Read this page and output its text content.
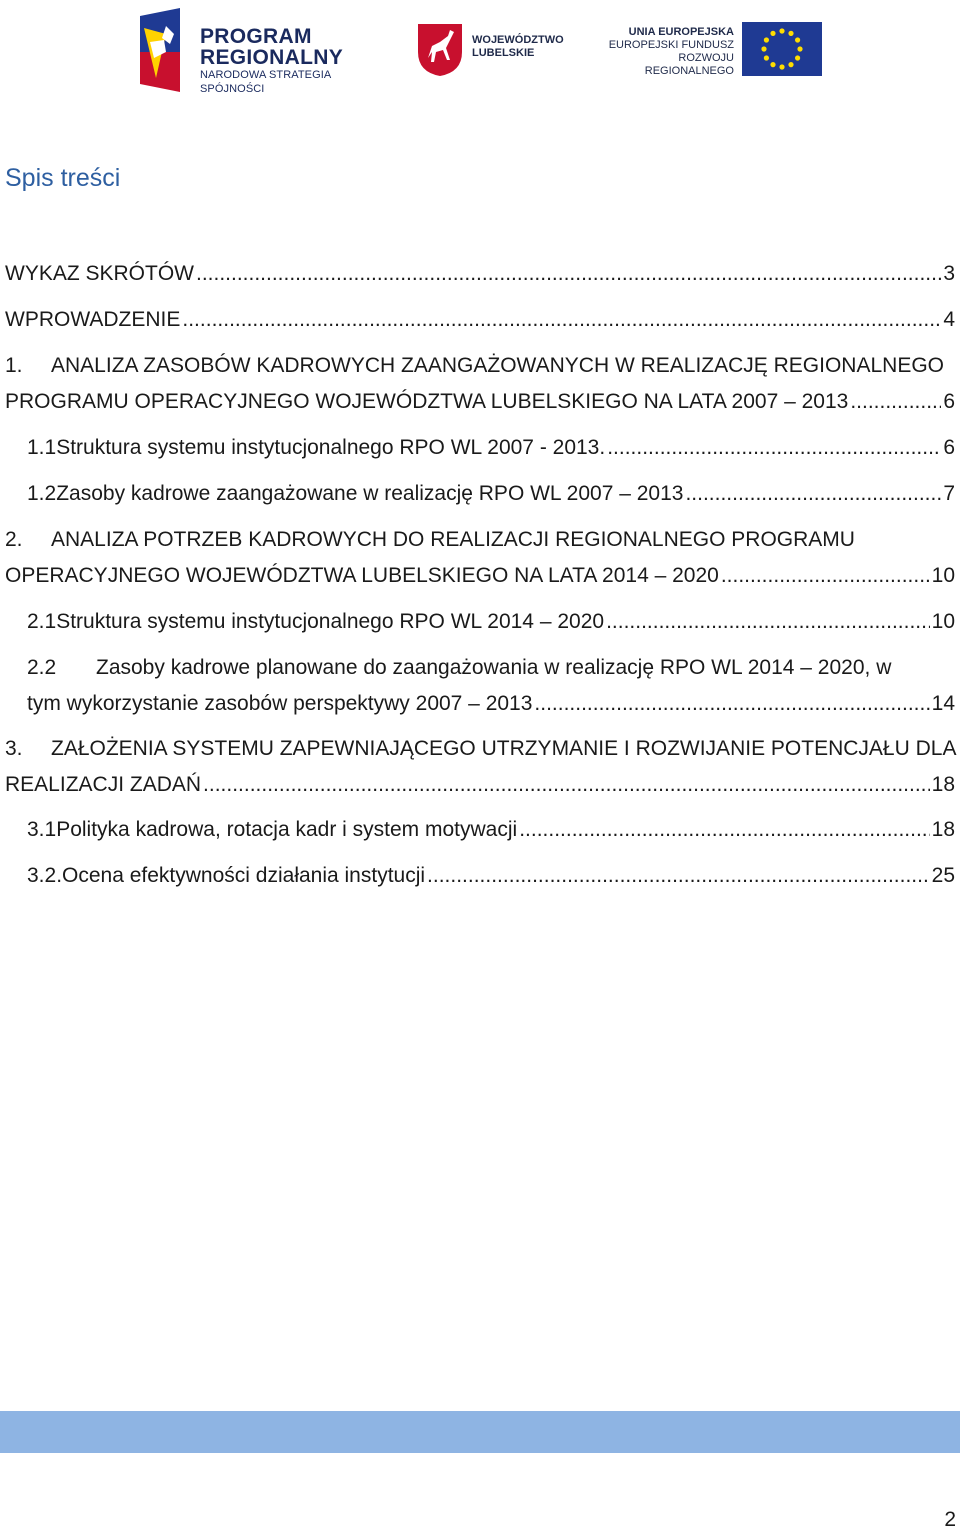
PROGRAM
REGIONALNY
NARODOWA STRATEGIA SPÓJNOŚCI
WOJEWÓDZTWO
LUBELSKIE
UNIA EUROPEJSKA
EUROPEJSKI FUNDUSZ
ROZWOJU REGIONALNEGO
Spis treści
WYKAZ SKRÓTÓW .....	3
WPROWADZENIE .....	4
1. ANALIZA ZASOBÓW KADROWYCH ZAANGAŻOWANYCH W REALIZACJĘ REGIONALNEGO
PROGRAMU OPERACYJNEGO WOJEWÓDZTWA LUBELSKIEGO NA LATA 2007 – 2013 .....	6
1.1 Struktura systemu instytucjonalnego RPO WL 2007 - 2013. .....	6
1.2 Zasoby kadrowe zaangażowane w realizację RPO WL 2007 – 2013 .....	7
2. ANALIZA POTRZEB KADROWYCH DO REALIZACJI REGIONALNEGO PROGRAMU
OPERACYJNEGO WOJEWÓDZTWA LUBELSKIEGO NA LATA 2014 – 2020 .....	10
2.1 Struktura systemu instytucjonalnego RPO WL 2014 – 2020 .....	10
2.2 Zasoby kadrowe planowane do zaangażowania w realizację RPO WL 2014 – 2020, w
tym wykorzystanie zasobów perspektywy 2007 – 2013 .....	14
3. ZAŁOŻENIA SYSTEMU ZAPEWNIAJĄCEGO UTRZYMANIE I ROZWIJANIE POTENCJAŁU DLA
REALIZACJI ZADAŃ .....	18
3.1 Polityka kadrowa, rotacja kadr i system motywacji .....	18
3.2. Ocena efektywności działania instytucji .....	25
2
